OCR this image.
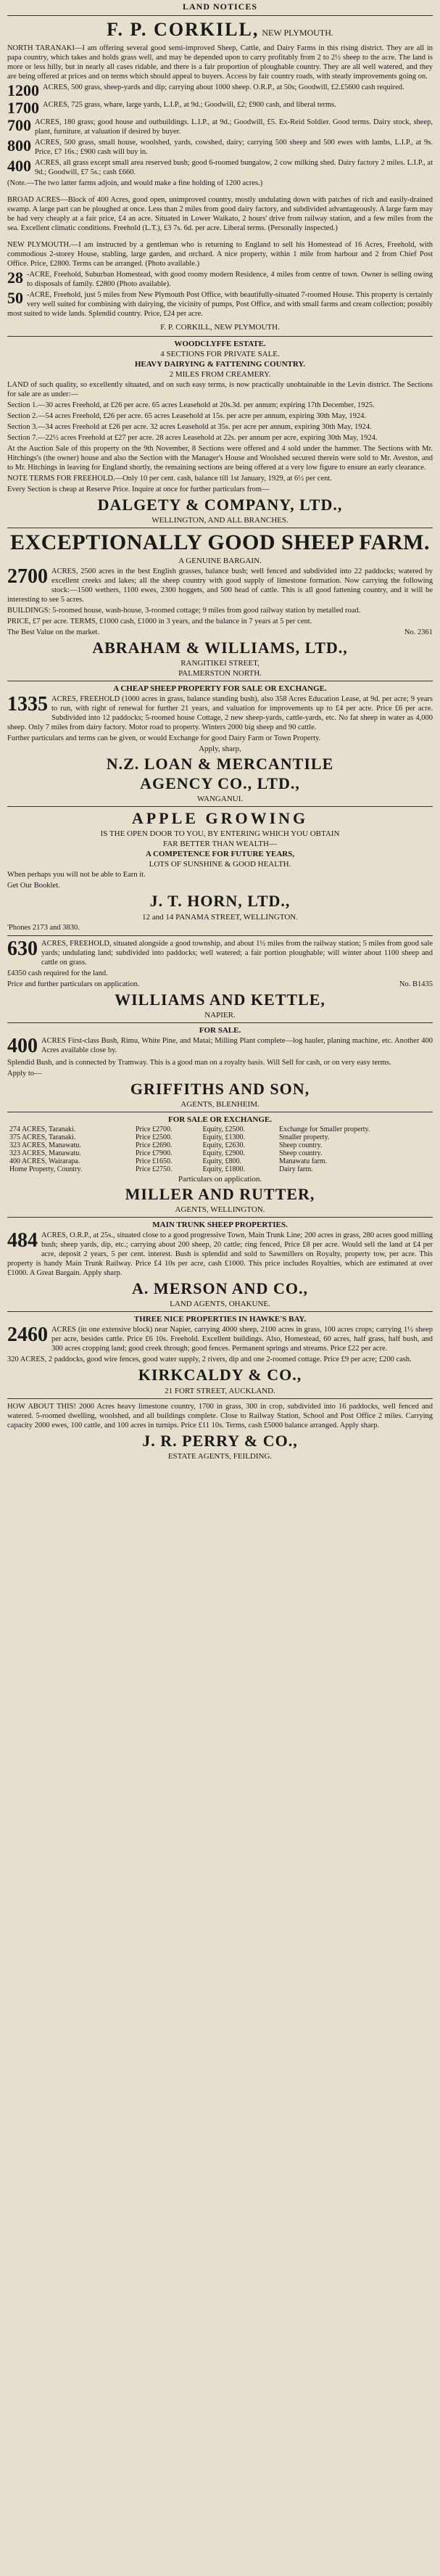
LAND NOTICES
F. P. CORKILL, NEW PLYMOUTH.
NORTH TARANAKI—I am offering several good semi-improved Sheep, Cattle, and Dairy Farms in this rising district. They are all in papa country, which takes and holds grass well, and may be depended upon to carry profitably from 2 to 2½ sheep to the acre. The land is more or less hilly, but in nearly all cases ridable, and there is a fair proportion of ploughable country. They are all well watered, and they are being offered at prices and on terms which should appeal to buyers. Access by fair country roads, with steady improvements going on.
1200 ACRES, 500 grass, sheep-yards and dip; carrying about 1000 sheep. O.R.P., at 50s; Goodwill, £2.£5600 cash required.
1700 ACRES, 725 grass, whare, large yards, L.I.P., at 9d.; Goodwill, £2; £900 cash, and liberal terms.
700 ACRES, 180 grass; good house and outbuildings. L.I.P., at 9d.; Goodwill, £5. Ex-Reid Soldier. Good terms. Dairy stock, sheep, plant, furniture, at valuation if desired by buyer.
800 ACRES, 500 grass, small house, woolshed, yards, cowshed, dairy; carrying 500 sheep and 500 ewes with lambs, L.I.P., at 9s. Price, £7 16s.; £900 cash will buy in.
400 ACRES, all grass except small area reserved bush; good 6-roomed bungalow, 2 cow milking shed. Dairy factory 2 miles. L.I.P., at 9d.; Goodwill, £7 5s.; cash £660.
(Note.—The two latter farms adjoin, and would make a fine holding of 1200 acres.)
BROAD ACRES—Block of 400 Acres, good open, unimproved country, mostly undulating down with patches of rich and easily-drained swamp. A large part can be ploughed at once. Less than 2 miles from good dairy factory, and subdivided advantageously. A large farm may be had very cheaply at a fair price, £4 an acre. Situated in Lower Waikato, 2 hours' drive from railway station, and a few miles from the sea. Excellent climatic conditions. Freehold (L.T.), £3 7s. 6d. per acre. Liberal terms. (Personally inspected.)
NEW PLYMOUTH.—I am instructed by a gentleman who is returning to England to sell his Homestead of 16 Acres, Freehold, with commodious 2-storey House, stabling, large garden, and orchard. A nice property, within 1 mile from harbour and 2 from Chief Post Office. Price, £2800. Terms can be arranged. (Photo available.)
28 -ACRE, Freehold, Suburban Homestead, with good roomy modern Residence, 4 miles from centre of town. Owner is selling owing to disposals of family. £2800 (Photo available).
50 -ACRE, Freehold, just 5 miles from New Plymouth Post Office, with beautifully-situated 7-roomed House. This property is certainly very well suited for combining with dairying, the vicinity of pumps, Post Office, and with small farms and cream collection; possibly most suited to wide lands. Splendid country. Price, £24 per acre.
F. P. CORKILL, NEW PLYMOUTH.
WOODCLYFFE ESTATE.
4 SECTIONS FOR PRIVATE SALE.
HEAVY DAIRYING & FATTENING COUNTRY.
2 MILES FROM CREAMERY.
LAND of such quality, so excellently situated, and on such easy terms, is now practically unobtainable in the Levin district. The Sections for sale are as under:—
Section 1.—30 acres Freehold, at £26 per acre. 65 acres Leasehold at 20s.3d. per annum; expiring 17th December, 1925.
Section 2.—54 acres Freehold, £26 per acre. 65 acres Leasehold at 15s. per acre per annum, expiring 30th May, 1924.
Section 3.—34 acres Freehold at £26 per acre. 32 acres Leasehold at 35s. per acre per annum, expiring 30th May, 1924.
Section 7.—22½ acres Freehold at £27 per acre. 28 acres Leasehold at 22s. per annum per acre, expiring 30th May, 1924.
At the Auction Sale of this property on the 9th November, 8 Sections were offered and 4 sold under the hammer. The Sections with Mr. Hitchings's (the owner) house and also the Section with the Manager's House and Woolshed secured therein were sold to Mr. Aveston, and to Mr. Hitchings in leaving for England shortly, the remaining sections are being offered at a very low figure to ensure an early clearance.
NOTE TERMS FOR FREEHOLD.—Only 10 per cent. cash, balance till 1st January, 1929, at 6½ per cent.
Every Section is cheap at Reserve Price. Inquire at once for further particulars from—
DALGETY & COMPANY, LTD.,
WELLINGTON, AND ALL BRANCHES.
EXCEPTIONALLY GOOD SHEEP FARM.
A GENUINE BARGAIN.
2700 ACRES, 2500 acres in the best English grasses, balance bush; well fenced and subdivided into 22 paddocks; watered by excellent creeks and lakes; all the sheep country with good supply of limestone formation. Now carrying the following stock:—1500 wethers, 1100 ewes, 2300 hoggets, and 500 head of cattle. This is all good fattening country, and it will be interesting to see 5 acres.
BUILDINGS: 5-roomed house, wash-house, 3-roomed cottage; 9 miles from good railway station by metalled road.
PRICE, £7 per acre. TERMS, £1000 cash, £1000 in 3 years, and the balance in 7 years at 5 per cent.
The Best Value on the market.	No. 2361
ABRAHAM & WILLIAMS, LTD.,
RANGITIKEI STREET,
PALMERSTON NORTH.
A CHEAP SHEEP PROPERTY FOR SALE OR EXCHANGE.
1335 ACRES, FREEHOLD (1000 acres in grass, balance standing bush), also 358 Acres Education Lease, at 9d. per acre; 9 years to run, with right of renewal for further 21 years, and valuation for improvements up to £4 per acre. Price £6 per acre. Subdivided into 12 paddocks; 5-roomed house Cottage, 2 new sheep-yards, cattle-yards, etc. No fat sheep in water as 4,000 sheep. Only 7 miles from dairy factory. Motor road to property. Winters 2000 big sheep and 90 cattle.
Further particulars and terms can be given, or would Exchange for good Dairy Farm or Town Property.
Apply, sharp,
N.Z. LOAN & MERCANTILE
AGENCY CO., LTD.,
WANGANUI.
APPLE GROWING
IS THE OPEN DOOR TO YOU, BY ENTERING WHICH YOU OBTAIN
FAR BETTER THAN WEALTH—
A COMPETENCE FOR FUTURE YEARS,
LOTS OF SUNSHINE & GOOD HEALTH.
When perhaps you will not be able to Earn it.
Get Our Booklet.
J. T. HORN, LTD.,
12 and 14 PANAMA STREET, WELLINGTON.
'Phones 2173 and 3830.
630 ACRES, FREEHOLD, situated alongside a good township, and about 1½ miles from the railway station; 5 miles from good sale yards; undulating land; subdivided into paddocks; well watered; a fair portion ploughable; will winter about 1100 sheep and cattle on grass.
£4350 cash required for the land.
Price and further particulars on application.	No. B1435
WILLIAMS AND KETTLE,
NAPIER.
FOR SALE.
400 ACRES First-class Bush, Rimu, White Pine, and Matai; Milling Plant complete—log hauler, planing machine, etc. Another 400 Acres available close by.
Splendid Bush, and is connected by Tramway. This is a good man on a royalty basis. Will Sell for cash, or on very easy terms.
Apply to—
GRIFFITHS AND SON,
AGENTS, BLENHEIM.
FOR SALE OR EXCHANGE.
274 ACRES, Taranaki.	Price £2700.	Equity, £2500.	Exchange for Smaller property.
375 ACRES, Taranaki.	Price £2500.	Equity, £1300.	Smaller property.
323 ACRES, Manawatu.	Price £2690.	Equity, £2630.	Sheep country.
323 ACRES, Manawatu.	Price £7900.	Equity, £2900.	Sheep country.
400 ACRES, Wairarapa.	Price £1650.	Equity, £800.	Manawatu farm.
Home Property, Country.	Price £2750.	Equity, £1800.	Dairy farm.
Particulars on application.
MILLER AND RUTTER,
AGENTS, WELLINGTON.
MAIN TRUNK SHEEP PROPERTIES.
484 ACRES, O.R.P., at 25s., situated close to a good progressive Town, Main Trunk Line; 200 acres in grass, 280 acres good milling bush; sheep yards, dip, etc.; carrying about 200 sheep, 20 cattle; ring fenced, Price £8 per acre. Would sell the land at £4 per acre, deposit 2 years, 5 per cent. interest. Bush is splendid and sold to Sawmillers on Royalty, property tow, per acre. This property is handy Main Trunk Railway. Price £4 10s per acre, cash £1000. This price includes Royalties, which are estimated at over £1000. A Great Bargain. Apply sharp.
A. MERSON AND CO.,
LAND AGENTS, OHAKUNE.
THREE NICE PROPERTIES IN HAWKE'S BAY.
2460 ACRES (in one extensive block) near Napier, carrying 4000 sheep, 2100 acres in grass, 100 acres crops; carrying 1½ sheep per acre, besides cattle. Price £6 10s. Freehold. Excellent buildings. Also, Homestead, 60 acres, half grass, half bush, and 300 acres cropping land; good creek through; good fences. Permanent springs and streams. Price £22 per acre.
320 ACRES, 2 paddocks, good wire fences, good water supply, 2 rivers, dip and one 2-roomed cottage. Price £9 per acre; £200 cash.
KIRKCALDY & CO.,
21 FORT STREET, AUCKLAND.
HOW ABOUT THIS! 2000 Acres heavy limestone country, 1700 in grass, 300 in crop, subdivided into 16 paddocks, well fenced and watered. 5-roomed dwelling, woolshed, and all buildings complete. Close to Railway Station, School and Post Office 2 miles. Carrying capacity 2000 ewes, 100 cattle, and 100 acres in turnips. Price £11 10s. Terms, cash £5000 balance arranged. Apply sharp.
J. R. PERRY & CO.,
ESTATE AGENTS, FEILDING.
